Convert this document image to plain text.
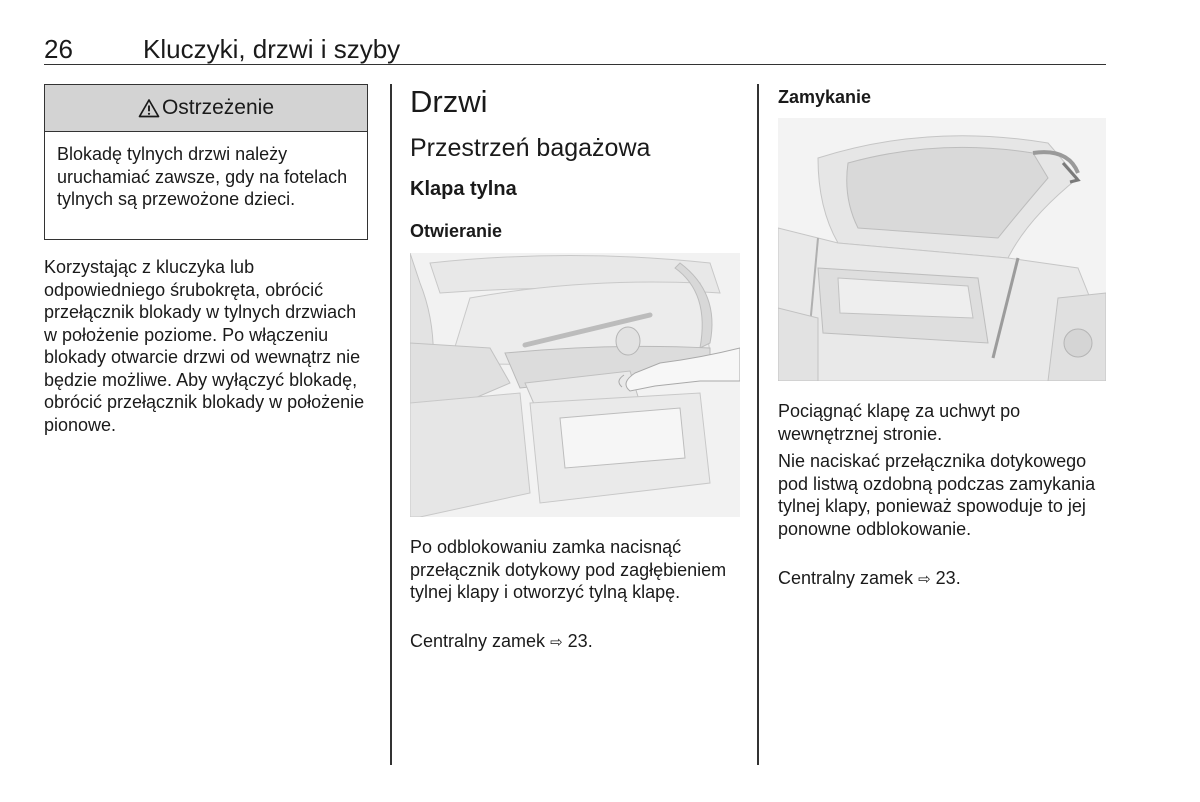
26	Kluczyki, drzwi i szyby
Ostrzeżenie
Blokadę tylnych drzwi należy uruchamiać zawsze, gdy na fotelach tylnych są przewożone dzieci.

Korzystając z kluczyka lub odpowiedniego śrubokręta, obrócić przełącznik blokady w tylnych drzwiach w położenie poziome. Po włączeniu blokady otwarcie drzwi od wewnątrz nie będzie możliwe. Aby wyłączyć blokadę, obrócić przełącznik blokady w położenie pionowe.

Drzwi
Przestrzeń bagażowa
Klapa tylna
Otwieranie

Po odblokowaniu zamka nacisnąć przełącznik dotykowy pod zagłębieniem tylnej klapy i otworzyć tylną klapę.

Centralny zamek ⇨ 23.

Zamykanie

Pociągnąć klapę za uchwyt po wewnętrznej stronie.

Nie naciskać przełącznika dotykowego pod listwą ozdobną podczas zamykania tylnej klapy, ponieważ spowoduje to jej ponowne odblokowanie.

Centralny zamek ⇨ 23.
